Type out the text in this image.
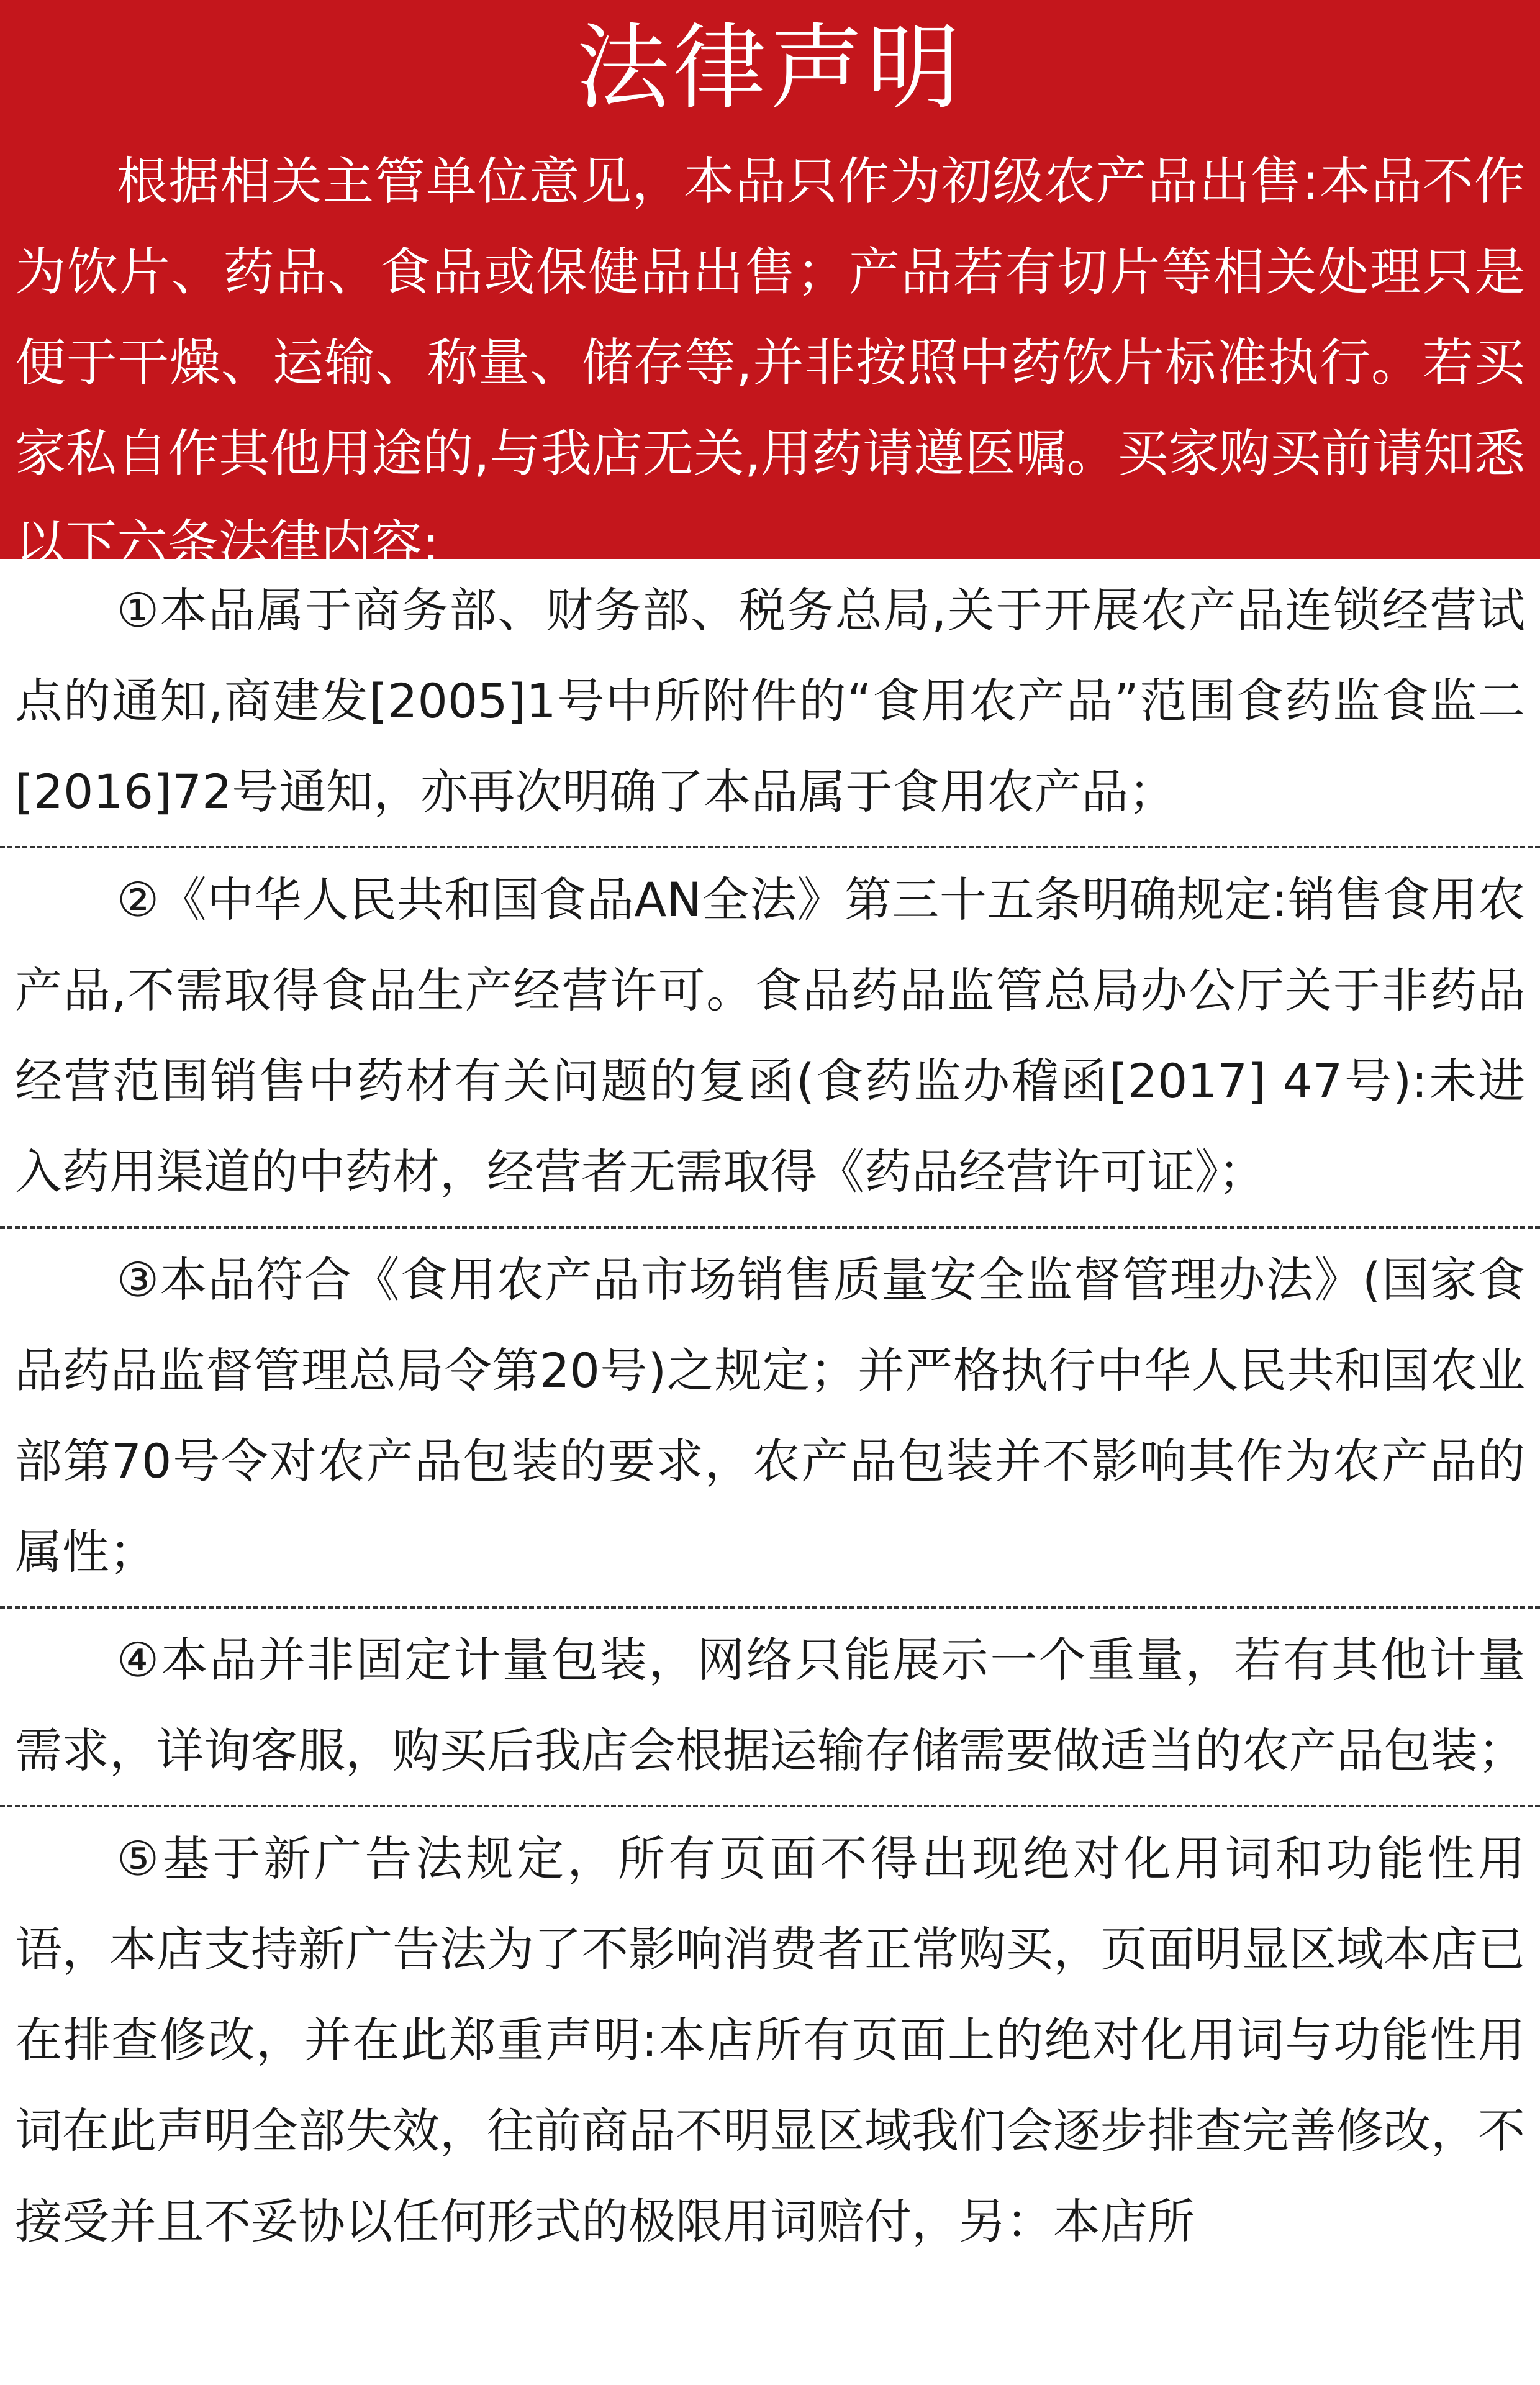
法律声明

根据相关主管单位意见，本品只作为初级农产品出售:本品不作为饮片、药品、食品或保健品出售；产品若有切片等相关处理只是便于干燥、运输、称量、储存等,并非按照中药饮片标准执行。若买家私自作其他用途的,与我店无关,用药请遵医嘱。买家购买前请知悉以下六条法律内容:

①本品属于商务部、财务部、税务总局,关于开展农产品连锁经营试点的通知,商建发[2005]1号中所附件的“食用农产品”范围食药监食监二[2016]72号通知，亦再次明确了本品属于食用农产品；

②《中华人民共和国食品AN全法》第三十五条明确规定:销售食用农产品,不需取得食品生产经营许可。食品药品监管总局办公厅关于非药品经营范围销售中药材有关问题的复函(食药监办稽函[2017] 47号):未进入药用渠道的中药材，经营者无需取得《药品经营许可证》；

③本品符合《食用农产品市场销售质量安全监督管理办法》(国家食品药品监督管理总局令第20号)之规定；并严格执行中华人民共和国农业部第70号令对农产品包装的要求，农产品包装并不影响其作为农产品的属性；

④本品并非固定计量包装，网络只能展示一个重量，若有其他计量需求，详询客服，购买后我店会根据运输存储需要做适当的农产品包装；

⑤基于新广告法规定，所有页面不得出现绝对化用词和功能性用语，本店支持新广告法为了不影响消费者正常购买，页面明显区域本店已在排查修改，并在此郑重声明:本店所有页面上的绝对化用词与功能性用词在此声明全部失效，往前商品不明显区域我们会逐步排查完善修改，不接受并且不妥协以任何形式的极限用词赔付，另：本店所
